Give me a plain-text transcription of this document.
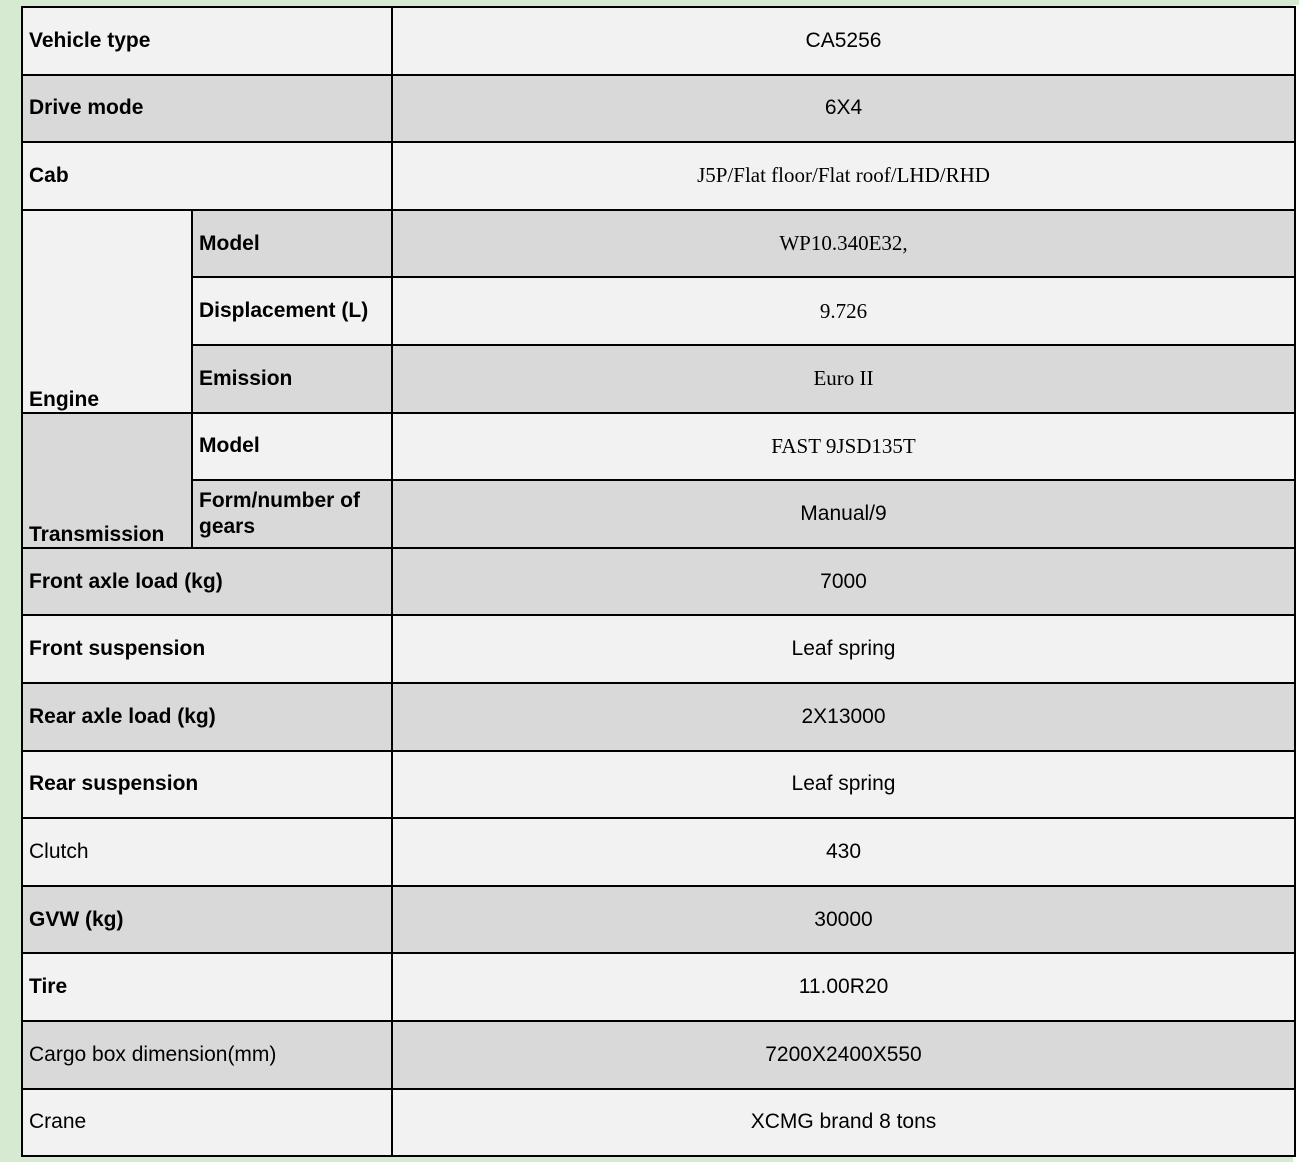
Vehicle type		CA5256
Drive mode		6X4
Cab		J5P/Flat floor/Flat roof/LHD/RHD
Engine	Model	WP10.340E32,
	Displacement (L)	9.726
	Emission	Euro II
Transmission	Model	FAST 9JSD135T
	Form/number of gears	Manual/9
Front axle load (kg)		7000
Front suspension		Leaf spring
Rear axle load (kg)		2X13000
Rear suspension		Leaf spring
Clutch		430
GVW (kg)		30000
Tire		11.00R20
Cargo box dimension(mm)		7200X2400X550
Crane		XCMG brand 8 tons
